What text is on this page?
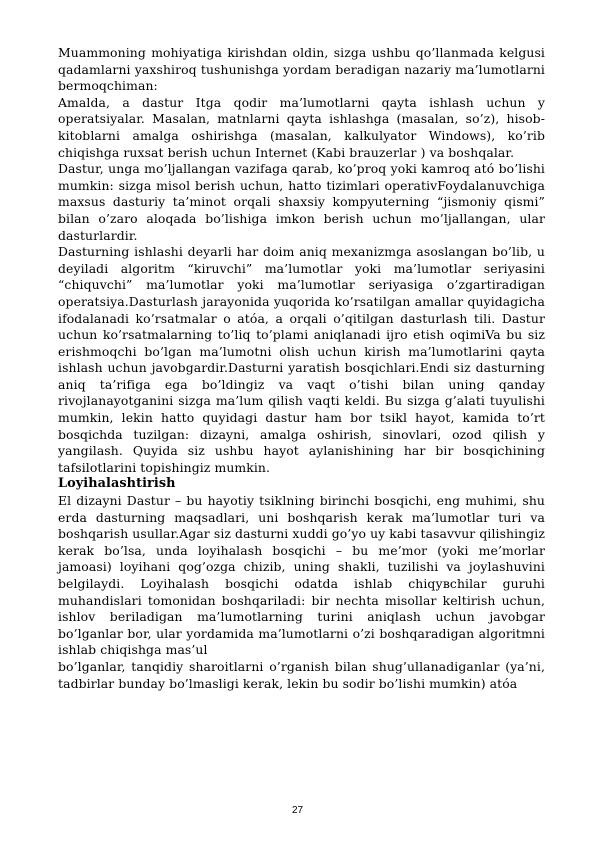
Muammoning mohiyatiga kirishdan oldin, sizga ushbu qo’llanmada kelgusi qadamlarni yaxshiroq tushunishga yordam beradigan nazariy ma’lumotlarni bermoqchiman:

Amalda, a dastur Itga qodir ma’lumotlarni qayta ishlash uchun y operatsiyalar. Masalan, matnlarni qayta ishlashga (masalan, so’z), hisob-kitoblarni amalga oshirishga (masalan, kalkulyator Windows), ko’rib chiqishga ruxsat berish uchun Internet (Kabi brauzerlar ) va boshqalar.

Dastur, unga mo’ljallangan vazifaga qarab, ko’proq yoki kamroq ató bo’lishi mumkin: sizga misol berish uchun, hatto tizimlari operativFoydalanuvchiga maxsus dasturiy ta’minot orqali shaxsiy kompyuterning “jismoniy qismi” bilan o’zaro aloqada bo’lishiga imkon berish uchun mo’ljallangan, ular dasturlardir.

Dasturning ishlashi deyarli har doim aniq mexanizmga asoslangan bo’lib, u deyiladi algoritm “kiruvchi” ma’lumotlar yoki ma’lumotlar seriyasini “chiquvchi” ma’lumotlar yoki ma’lumotlar seriyasiga o’zgartiradigan operatsiya.Dasturlash jarayonida yuqorida ko’rsatilgan amallar quyidagicha ifodalanadi ko’rsatmalar o atóa, a orqali o’qitilgan dasturlash tili. Dastur uchun ko’rsatmalarning to’liq to’plami aniqlanadi ijro etish oqimiVa bu siz erishmoqchi bo’lgan ma’lumotni olish uchun kirish ma’lumotlarini qayta ishlash uchun javobgardir.Dasturni yaratish bosqichlari.Endi siz dasturning aniq ta’rifiga ega bo’ldingiz va vaqt o’tishi bilan uning qanday rivojlanayotganini sizga ma’lum qilish vaqti keldi. Bu sizga g’alati tuyulishi mumkin, lekin hatto quyidagi dastur ham bor tsikl hayot, kamida to’rt bosqichda tuzilgan: dizayni, amalga oshirish, sinovlari, ozod qilish y yangilash. Quyida siz ushbu hayot aylanishining har bir bosqichining tafsilotlarini topishingiz mumkin.

Loyihalashtirish

El dizayni Dastur – bu hayotiy tsiklning birinchi bosqichi, eng muhimi, shu erda dasturning maqsadlari, uni boshqarish kerak ma’lumotlar turi va boshqarish usullar.Agar siz dasturni xuddi go’yo uy kabi tasavvur qilishingiz kerak bo’lsa, unda loyihalash bosqichi – bu me’mor (yoki me’morlar jamoasi) loyihani qog’ozga chizib, uning shakli, tuzilishi va joylashuvini belgilaydi. Loyihalash bosqichi odatda ishlab chiqувchilar guruhi muhandislari tomonidan boshqariladi: bir nechta misollar keltirish uchun, ishlov beriladigan ma’lumotlarning turini aniqlash uchun javobgar bo’lganlar bor, ular yordamida ma’lumotlarni o’zi boshqaradigan algoritmni ishlab chiqishga mas’ul

bo’lganlar, tanqidiy sharoitlarni o’rganish bilan shug’ullanadiganlar (ya’ni, tadbirlar bunday bo’lmasligi kerak, lekin bu sodir bo’lishi mumkin) atóa

27
